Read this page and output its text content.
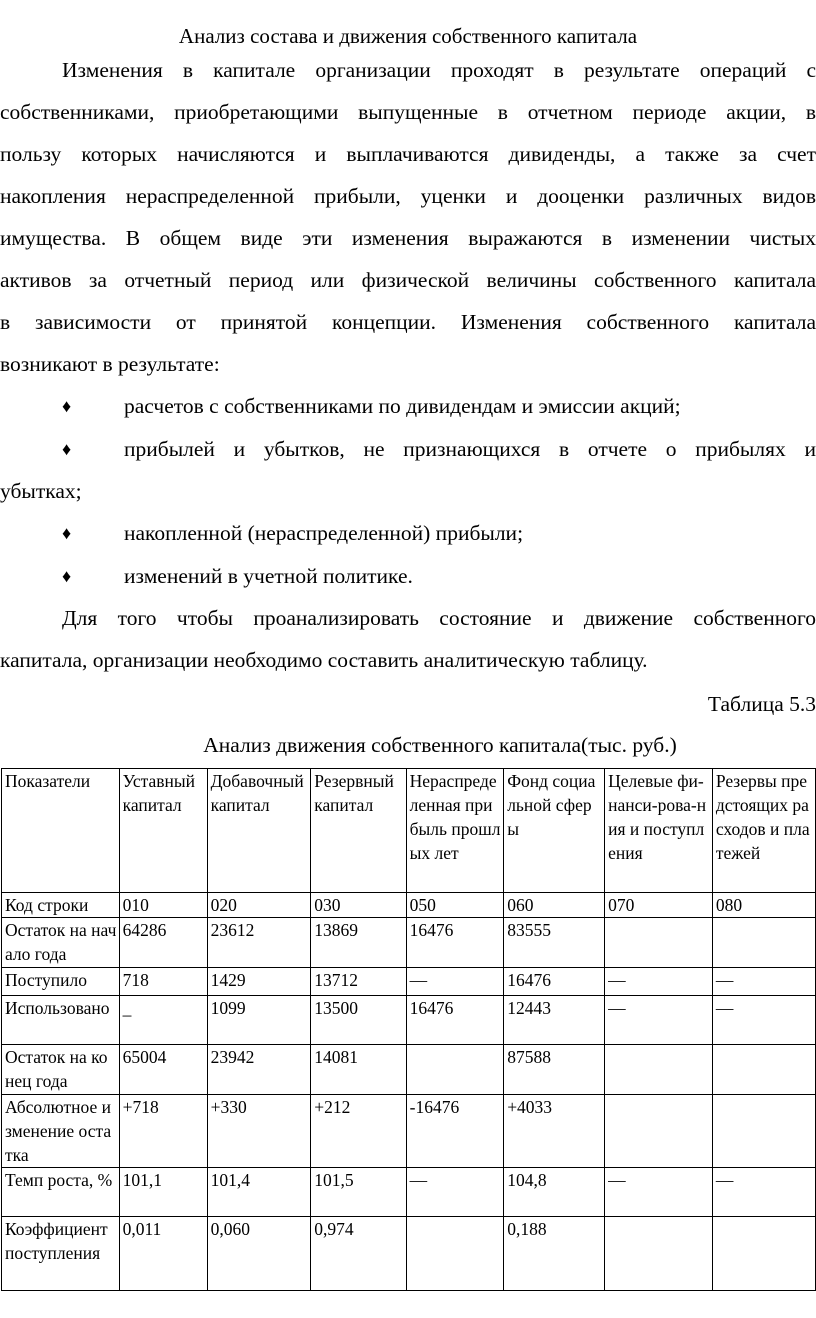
Анализ состава и движения собственного капитала
Изменения в капитале организации проходят в результате операций с
собственниками, приобретающими выпущенные в отчетном периоде акции, в
пользу которых начисляются и выплачиваются дивиденды, а также за счет
накопления нераспределенной прибыли, уценки и дооценки различных видов
имущества. В общем виде эти изменения выражаются в изменении чистых
активов за отчетный период или физической величины собственного капитала
в зависимости от принятой концепции. Изменения собственного капитала
возникают в результате:
♦ расчетов с собственниками по дивидендам и эмиссии акций;
♦ прибылей и убытков, не признающихся в отчете о прибылях и
убытках;
♦ накопленной (нераспределенной) прибыли;
♦ изменений в учетной политике.
Для того чтобы проанализировать состояние и движение собственного
капитала, организации необходимо составить аналитическую таблицу.
Таблица 5.3
Анализ движения собственного капитала(тыс. руб.)
Показатели	Уставный капитал	Добавочный капитал	Резервный капитал	Нераспределенная прибыль прошлых лет	Фонд социальной сферы	Целевые фи-нанси-рова-ния и поступления	Резервы предстоящих расходов и платежей
Код строки	010	020	030	050	060	070	080
Остаток на начало года	64286	23612	13869	16476	83555		
Поступило	718	1429	13712	—	16476	—	—
Использовано	_	1099	13500	16476	12443	—	—
Остаток на конец года	65004	23942	14081		87588		
Абсолютное изменение остатка	+718	+330	+212	-16476	+4033		
Темп роста, %	101,1	101,4	101,5	—	104,8	—	—
Коэффициент поступления	0,011	0,060	0,974		0,188		
